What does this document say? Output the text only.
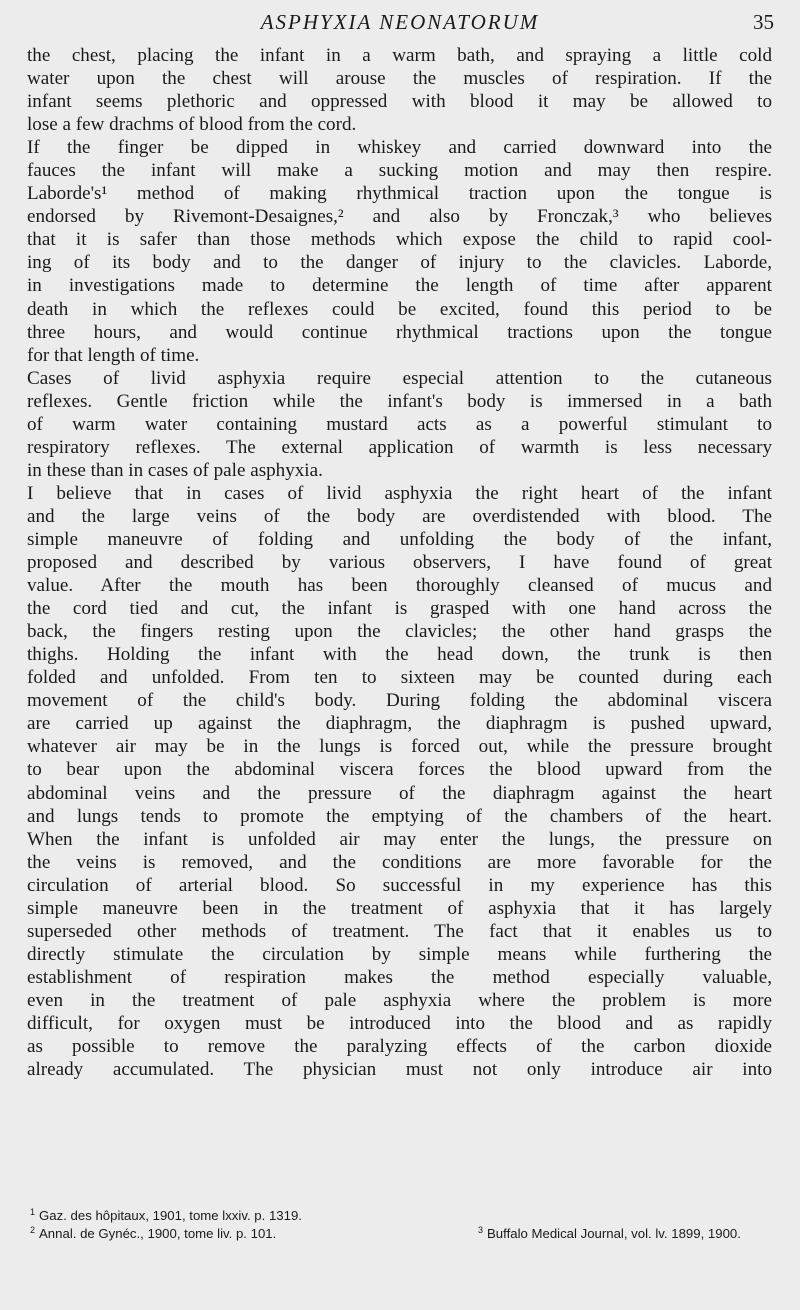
ASPHYXIA NEONATORUM	35
the chest, placing the infant in a warm bath, and spraying a little cold
water upon the chest will arouse the muscles of respiration. If the
infant seems plethoric and oppressed with blood it may be allowed to
lose a few drachms of blood from the cord.
If the finger be dipped in whiskey and carried downward into the
fauces the infant will make a sucking motion and may then respire.
Laborde's¹ method of making rhythmical traction upon the tongue is
endorsed by Rivemont-Desaignes,² and also by Fronczak,³ who believes
that it is safer than those methods which expose the child to rapid cool-
ing of its body and to the danger of injury to the clavicles. Laborde,
in investigations made to determine the length of time after apparent
death in which the reflexes could be excited, found this period to be
three hours, and would continue rhythmical tractions upon the tongue
for that length of time.
Cases of livid asphyxia require especial attention to the cutaneous
reflexes. Gentle friction while the infant's body is immersed in a bath
of warm water containing mustard acts as a powerful stimulant to
respiratory reflexes. The external application of warmth is less necessary
in these than in cases of pale asphyxia.
I believe that in cases of livid asphyxia the right heart of the infant
and the large veins of the body are overdistended with blood. The
simple maneuvre of folding and unfolding the body of the infant,
proposed and described by various observers, I have found of great
value. After the mouth has been thoroughly cleansed of mucus and
the cord tied and cut, the infant is grasped with one hand across the
back, the fingers resting upon the clavicles; the other hand grasps the
thighs. Holding the infant with the head down, the trunk is then
folded and unfolded. From ten to sixteen may be counted during each
movement of the child's body. During folding the abdominal viscera
are carried up against the diaphragm, the diaphragm is pushed upward,
whatever air may be in the lungs is forced out, while the pressure brought
to bear upon the abdominal viscera forces the blood upward from the
abdominal veins and the pressure of the diaphragm against the heart
and lungs tends to promote the emptying of the chambers of the heart.
When the infant is unfolded air may enter the lungs, the pressure on
the veins is removed, and the conditions are more favorable for the
circulation of arterial blood. So successful in my experience has this
simple maneuvre been in the treatment of asphyxia that it has largely
superseded other methods of treatment. The fact that it enables us to
directly stimulate the circulation by simple means while furthering the
establishment of respiration makes the method especially valuable,
even in the treatment of pale asphyxia where the problem is more
difficult, for oxygen must be introduced into the blood and as rapidly
as possible to remove the paralyzing effects of the carbon dioxide
already accumulated. The physician must not only introduce air into
$^1$ Gaz. des hôpitaux, 1901, tome lxxiv. p. 1319.
$^2$ Annal. de Gynéc., 1900, tome liv. p. 101.	$^3$ Buffalo Medical Journal, vol. lv. 1899, 1900.
